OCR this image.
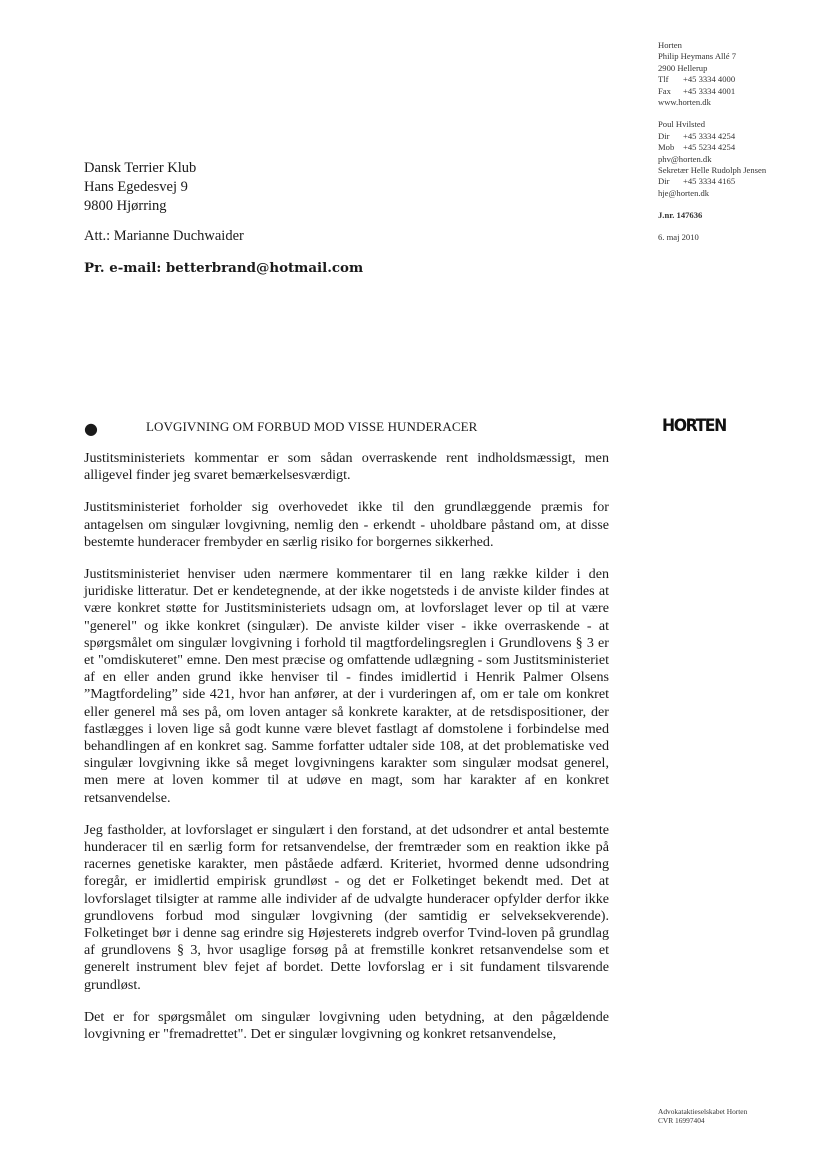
Horten
Philip Heymans Allé 7
2900 Hellerup
Tlf	+45 3334 4000
Fax	+45 3334 4001
www.horten.dk
Poul Hvilsted
Dir	+45 3334 4254
Mob	+45 5234 4254
phv@horten.dk
Sekretær Helle Rudolph Jensen
Dir	+45 3334 4165
hje@horten.dk
J.nr. 147636
6. maj 2010
Dansk Terrier Klub
Hans Egedesvej 9
9800 Hjørring
Att.: Marianne Duchwaider
Pr. e-mail: betterbrand@hotmail.com
●	LOVGIVNING OM FORBUD MOD VISSE HUNDERACER	HORTEN

Justitsministeriets kommentar er som sådan overraskende rent indholdsmæssigt, men alligevel finder jeg svaret bemærkelsesværdigt.

Justitsministeriet forholder sig overhovedet ikke til den grundlæggende præmis for antagelsen om singulær lovgivning, nemlig den - erkendt - uholdbare påstand om, at disse bestemte hunderacer frembyder en særlig risiko for borgernes sikkerhed.

Justitsministeriet henviser uden nærmere kommentarer til en lang række kilder i den juridiske litteratur. Det er kendetegnende, at der ikke nogetsteds i de anviste kilder findes at være konkret støtte for Justitsministeriets udsagn om, at lovforslaget lever op til at være "generel" og ikke konkret (singulær). De anviste kilder viser - ikke overraskende - at spørgsmålet om singulær lovgivning i forhold til magtfordelingsreglen i Grundlovens § 3 er et "omdiskuteret" emne. Den mest præcise og omfattende udlægning - som Justitsministeriet af en eller anden grund ikke henviser til - findes imidlertid i Henrik Palmer Olsens ”Magtfordeling” side 421, hvor han anfører, at der i vurderingen af, om er tale om konkret eller generel må ses på, om loven antager så konkrete karakter, at de retsdispositioner, der fastlægges i loven lige så godt kunne være blevet fastlagt af domstolene i forbindelse med behandlingen af en konkret sag. Samme forfatter udtaler side 108, at det problematiske ved singulær lovgivning ikke så meget lovgivningens karakter som singulær modsat generel, men mere at loven kommer til at udøve en magt, som har karakter af en konkret retsanvendelse.

Jeg fastholder, at lovforslaget er singulært i den forstand, at det udsondrer et antal bestemte hunderacer til en særlig form for retsanvendelse, der fremtræder som en reaktion ikke på racernes genetiske karakter, men påståede adfærd. Kriteriet, hvormed denne udsondring foregår, er imidlertid empirisk grundløst - og det er Folketinget bekendt med. Det at lovforslaget tilsigter at ramme alle individer af de udvalgte hunderacer opfylder derfor ikke grundlovens forbud mod singulær lovgivning (der samtidig er selveksekverende). Folketinget bør i denne sag erindre sig Højesterets indgreb overfor Tvind-loven på grundlag af grundlovens § 3, hvor usaglige forsøg på at fremstille konkret retsanvendelse som et generelt instrument blev fejet af bordet. Dette lovforslag er i sit fundament tilsvarende grundløst.

Det er for spørgsmålet om singulær lovgivning uden betydning, at den pågældende lovgivning er "fremadrettet". Det er singulær lovgivning og konkret retsanvendelse,

Advokataktieselskabet Horten
CVR 16997404
